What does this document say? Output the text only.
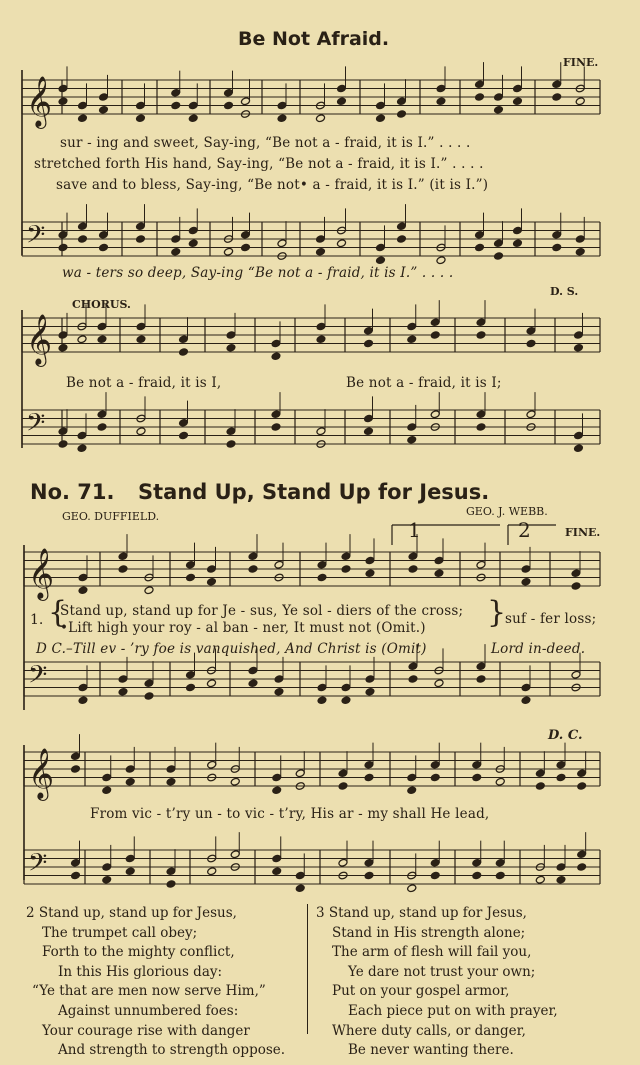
Be Not Afraid.
FINE.
𝄞
𝄢
𝄞
𝄢
𝄞
𝄢
𝄞
𝄢
sur - ing and sweet, Say-ing, “Be not a - fraid, it is I.” . . . .
stretched forth His hand, Say-ing, “Be not a - fraid, it is I.” . . . .
save and to bless, Say-ing, “Be not• a - fraid, it is I.” (it is I.”)
wa - ters so deep, Say-ing “Be not a - fraid, it is I.” . . . .
CHORUS.
D. S.
Be not a - fraid, it is I,	Be not a - fraid, it is I;
No. 71. Stand Up, Stand Up for Jesus.
GEO. DUFFIELD.	GEO. J. WEBB.
1	2	FINE.
1. {
Stand up, stand up for Je - sus, Ye sol - diers of the cross;
•Lift high your roy - al ban - ner, It must not (Omit.) }
suf - fer loss;
D C.–Till ev - ’ry foe is vanquished, And Christ is (Omit)	Lord in-deed.
D. C.
From vic - t’ry un - to vic - t’ry, His ar - my shall He lead,
2 Stand up, stand up for Jesus,
The trumpet call obey;
Forth to the mighty conflict,
In this His glorious day:
“Ye that are men now serve Him,”
Against unnumbered foes:
Your courage rise with danger
And strength to strength oppose.
3 Stand up, stand up for Jesus,
Stand in His strength alone;
The arm of flesh will fail you,
Ye dare not trust your own;
Put on your gospel armor,
Each piece put on with prayer,
Where duty calls, or danger,
Be never wanting there.
